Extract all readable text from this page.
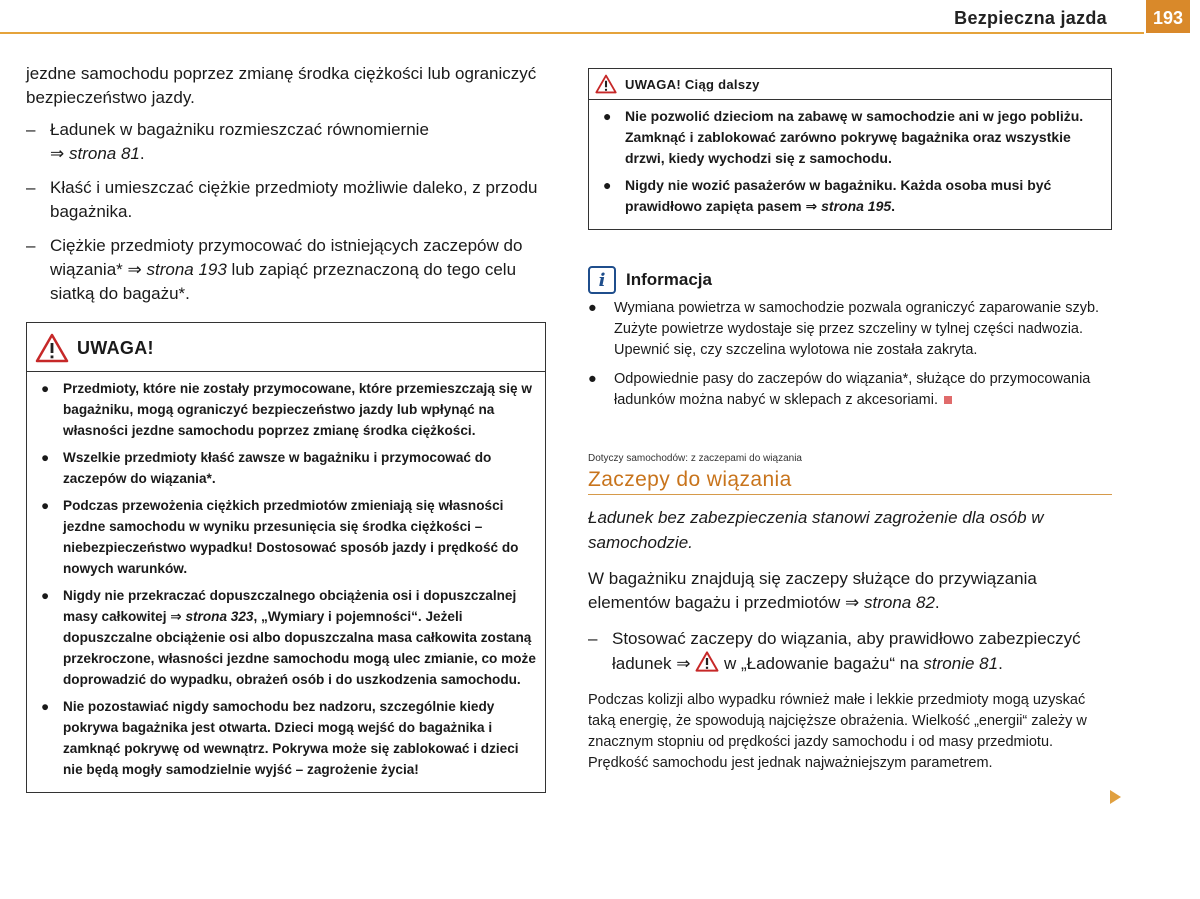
Bezpieczna jazda	193

jezdne samochodu poprzez zmianę środka ciężkości lub ograniczyć bezpieczeństwo jazdy.

– Ładunek w bagażniku rozmieszczać równomiernie
⇒ strona 81.
– Kłaść i umieszczać ciężkie przedmioty możliwie daleko, z przodu bagażnika.
– Ciężkie przedmioty przymocować do istniejących zaczepów do wiązania* ⇒ strona 193 lub zapiąć przeznaczoną do tego celu siatką do bagażu*.
UWAGA!
● Przedmioty, które nie zostały przymocowane, które przemieszczają się w bagażniku, mogą ograniczyć bezpieczeństwo jazdy lub wpłynąć na własności jezdne samochodu poprzez zmianę środka ciężkości.
● Wszelkie przedmioty kłaść zawsze w bagażniku i przymocować do zaczepów do wiązania*.
● Podczas przewożenia ciężkich przedmiotów zmieniają się własności jezdne samochodu w wyniku przesunięcia się środka ciężkości – niebezpieczeństwo wypadku! Dostosować sposób jazdy i prędkość do nowych warunków.
● Nigdy nie przekraczać dopuszczalnego obciążenia osi i dopuszczalnej masy całkowitej ⇒ strona 323, „Wymiary i pojemności“. Jeżeli dopuszczalne obciążenie osi albo dopuszczalna masa całkowita zostaną przekroczone, własności jezdne samochodu mogą ulec zmianie, co może doprowadzić do wypadku, obrażeń osób i do uszkodzenia samochodu.
● Nie pozostawiać nigdy samochodu bez nadzoru, szczególnie kiedy pokrywa bagażnika jest otwarta. Dzieci mogą wejść do bagażnika i zamknąć pokrywę od wewnątrz. Pokrywa może się zablokować i dzieci nie będą mogły samodzielnie wyjść – zagrożenie życia!
UWAGA! Ciąg dalszy
● Nie pozwolić dzieciom na zabawę w samochodzie ani w jego pobliżu. Zamknąć i zablokować zarówno pokrywę bagażnika oraz wszystkie drzwi, kiedy wychodzi się z samochodu.
● Nigdy nie wozić pasażerów w bagażniku. Każda osoba musi być prawidłowo zapięta pasem ⇒ strona 195.
i	Informacja
● Wymiana powietrza w samochodzie pozwala ograniczyć zaparowanie szyb. Zużyte powietrze wydostaje się przez szczeliny w tylnej części nadwozia. Upewnić się, czy szczelina wylotowa nie została zakryta.
● Odpowiednie pasy do zaczepów do wiązania*, służące do przymocowania ładunków można nabyć w sklepach z akcesoriami.
Dotyczy samochodów: z zaczepami do wiązania
Zaczepy do wiązania

Ładunek bez zabezpieczenia stanowi zagrożenie dla osób w samochodzie.

W bagażniku znajdują się zaczepy służące do przywiązania elementów bagażu i przedmiotów ⇒ strona 82.

– Stosować zaczepy do wiązania, aby prawidłowo zabezpieczyć ładunek ⇒  w „Ładowanie bagażu“ na stronie 81.

Podczas kolizji albo wypadku również małe i lekkie przedmioty mogą uzyskać taką energię, że spowodują najcięższe obrażenia. Wielkość „energii“ zależy w znacznym stopniu od prędkości jazdy samochodu i od masy przedmiotu. Prędkość samochodu jest jednak najważniejszym parametrem.
